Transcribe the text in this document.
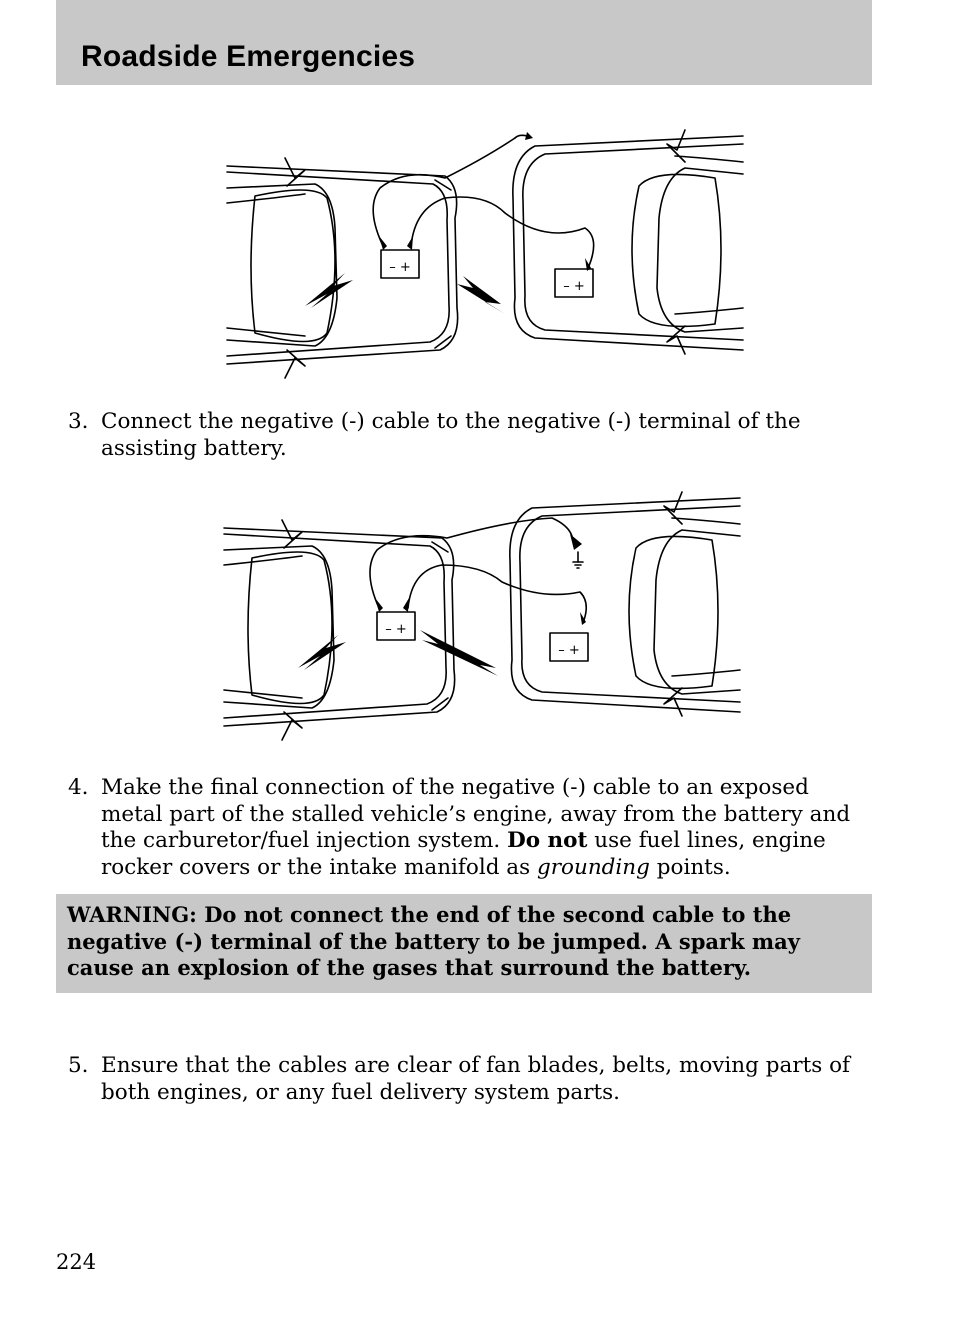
Roadside Emergencies
– +
– +
3. Connect the negative (-) cable to the negative (-) terminal of the assisting battery.
– +
– +
4. Make the final connection of the negative (-) cable to an exposed metal part of the stalled vehicle’s engine, away from the battery and the carburetor/fuel injection system. Do not use fuel lines, engine rocker covers or the intake manifold as grounding points.
WARNING: Do not connect the end of the second cable to the negative (-) terminal of the battery to be jumped. A spark may cause an explosion of the gases that surround the battery.
5. Ensure that the cables are clear of fan blades, belts, moving parts of both engines, or any fuel delivery system parts.
224
